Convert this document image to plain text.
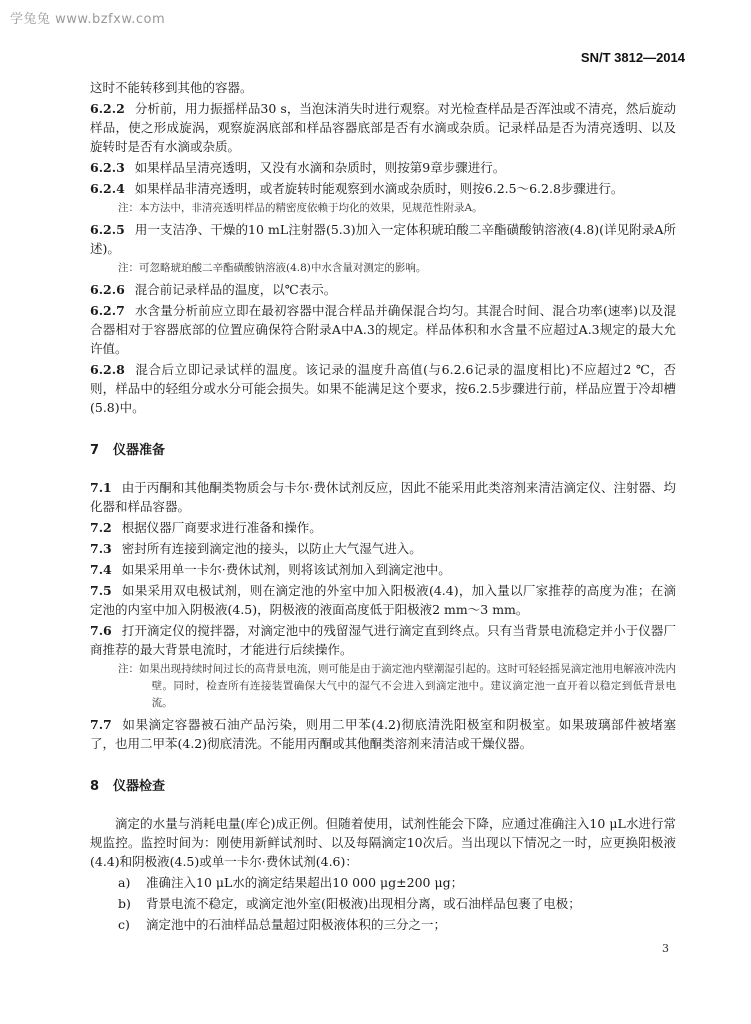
学兔兔 www.bzfxw.com
SN/T 3812—2014

这时不能转移到其他的容器。

6.2.2 分析前，用力振摇样品30 s，当泡沫消失时进行观察。对光检查样品是否浑浊或不清亮，然后旋动样品，使之形成旋涡，观察旋涡底部和样品容器底部是否有水滴或杂质。记录样品是否为清亮透明、以及旋转时是否有水滴或杂质。

6.2.3 如果样品呈清亮透明，又没有水滴和杂质时，则按第9章步骤进行。

6.2.4 如果样品非清亮透明，或者旋转时能观察到水滴或杂质时，则按6.2.5～6.2.8步骤进行。

注：本方法中，非清亮透明样品的精密度依赖于均化的效果，见规范性附录A。

6.2.5 用一支洁净、干燥的10 mL注射器(5.3)加入一定体积琥珀酸二辛酯磺酸钠溶液(4.8)(详见附录A所述)。

注：可忽略琥珀酸二辛酯磺酸钠溶液(4.8)中水含量对测定的影响。

6.2.6 混合前记录样品的温度，以℃表示。

6.2.7 水含量分析前应立即在最初容器中混合样品并确保混合均匀。其混合时间、混合功率(速率)以及混合器相对于容器底部的位置应确保符合附录A中A.3的规定。样品体积和水含量不应超过A.3规定的最大允许值。

6.2.8 混合后立即记录试样的温度。该记录的温度升高值(与6.2.6记录的温度相比)不应超过2 ℃，否则，样品中的轻组分或水分可能会损失。如果不能满足这个要求，按6.2.5步骤进行前，样品应置于冷却槽(5.8)中。

7 仪器准备

7.1 由于丙酮和其他酮类物质会与卡尔·费休试剂反应，因此不能采用此类溶剂来清洁滴定仪、注射器、均化器和样品容器。

7.2 根据仪器厂商要求进行准备和操作。

7.3 密封所有连接到滴定池的接头，以防止大气湿气进入。

7.4 如果采用单一卡尔·费休试剂，则将该试剂加入到滴定池中。

7.5 如果采用双电极试剂，则在滴定池的外室中加入阳极液(4.4)，加入量以厂家推荐的高度为准；在滴定池的内室中加入阴极液(4.5)，阴极液的液面高度低于阳极液2 mm～3 mm。

7.6 打开滴定仪的搅拌器，对滴定池中的残留湿气进行滴定直到终点。只有当背景电流稳定并小于仪器厂商推荐的最大背景电流时，才能进行后续操作。

注：如果出现持续时间过长的高背景电流，则可能是由于滴定池内壁潮湿引起的。这时可轻轻摇晃滴定池用电解液冲洗内壁。同时，检查所有连接装置确保大气中的湿气不会进入到滴定池中。建议滴定池一直开着以稳定到低背景电流。

7.7 如果滴定容器被石油产品污染，则用二甲苯(4.2)彻底清洗阳极室和阴极室。如果玻璃部件被堵塞了，也用二甲苯(4.2)彻底清洗。不能用丙酮或其他酮类溶剂来清洁或干燥仪器。

8 仪器检查

滴定的水量与消耗电量(库仑)成正例。但随着使用，试剂性能会下降，应通过准确注入10 μL水进行常规监控。监控时间为：刚使用新鲜试剂时、以及每隔滴定10次后。当出现以下情况之一时，应更换阳极液(4.4)和阴极液(4.5)或单一卡尔·费休试剂(4.6)：

a) 准确注入10 μL水的滴定结果超出10 000 μg±200 μg；

b) 背景电流不稳定，或滴定池外室(阳极液)出现相分离，或石油样品包裹了电极；

c) 滴定池中的石油样品总量超过阳极液体积的三分之一；

3
